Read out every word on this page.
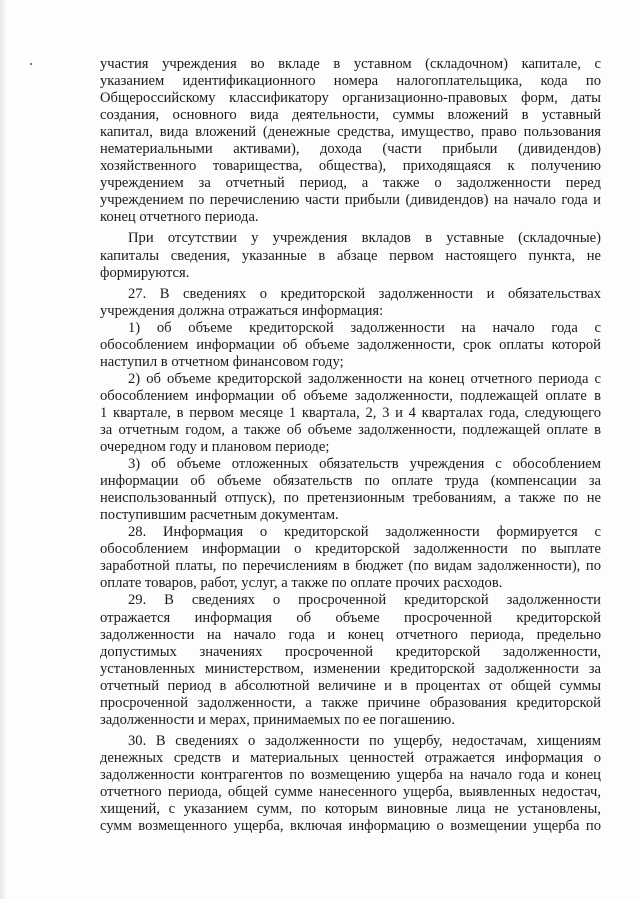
участия учреждения во вкладе в уставном (складочном) капитале, с
указанием идентификационного номера налогоплательщика, кода по
Общероссийскому классификатору организационно-правовых форм, даты
создания, основного вида деятельности, суммы вложений в уставный
капитал, вида вложений (денежные средства, имущество, право пользования
нематериальными активами), дохода (части прибыли (дивидендов)
хозяйственного товарищества, общества), приходящаяся к получению
учреждением за отчетный период, а также о задолженности перед
учреждением по перечислению части прибыли (дивидендов) на начало года и
конец отчетного периода.
При отсутствии у учреждения вкладов в уставные (складочные)
капиталы сведения, указанные в абзаце первом настоящего пункта, не
формируются.
27. В сведениях о кредиторской задолженности и обязательствах
учреждения должна отражаться информация:
1) об объеме кредиторской задолженности на начало года с
обособлением информации об объеме задолженности, срок оплаты которой
наступил в отчетном финансовом году;
2) об объеме кредиторской задолженности на конец отчетного периода с
обособлением информации об объеме задолженности, подлежащей оплате в
1 квартале, в первом месяце 1 квартала, 2, 3 и 4 кварталах года, следующего
за отчетным годом, а также об объеме задолженности, подлежащей оплате в
очередном году и плановом периоде;
3) об объеме отложенных обязательств учреждения с обособлением
информации об объеме обязательств по оплате труда (компенсации за
неиспользованный отпуск), по претензионным требованиям, а также по не
поступившим расчетным документам.
28. Информация о кредиторской задолженности формируется с
обособлением информации о кредиторской задолженности по выплате
заработной платы, по перечислениям в бюджет (по видам задолженности), по
оплате товаров, работ, услуг, а также по оплате прочих расходов.
29. В сведениях о просроченной кредиторской задолженности
отражается информация об объеме просроченной кредиторской
задолженности на начало года и конец отчетного периода, предельно
допустимых значениях просроченной кредиторской задолженности,
установленных министерством, изменении кредиторской задолженности за
отчетный период в абсолютной величине и в процентах от общей суммы
просроченной задолженности, а также причине образования кредиторской
задолженности и мерах, принимаемых по ее погашению.
30. В сведениях о задолженности по ущербу, недостачам, хищениям
денежных средств и материальных ценностей отражается информация о
задолженности контрагентов по возмещению ущерба на начало года и конец
отчетного периода, общей сумме нанесенного ущерба, выявленных недостач,
хищений, с указанием сумм, по которым виновные лица не установлены,
сумм возмещенного ущерба, включая информацию о возмещении ущерба по
